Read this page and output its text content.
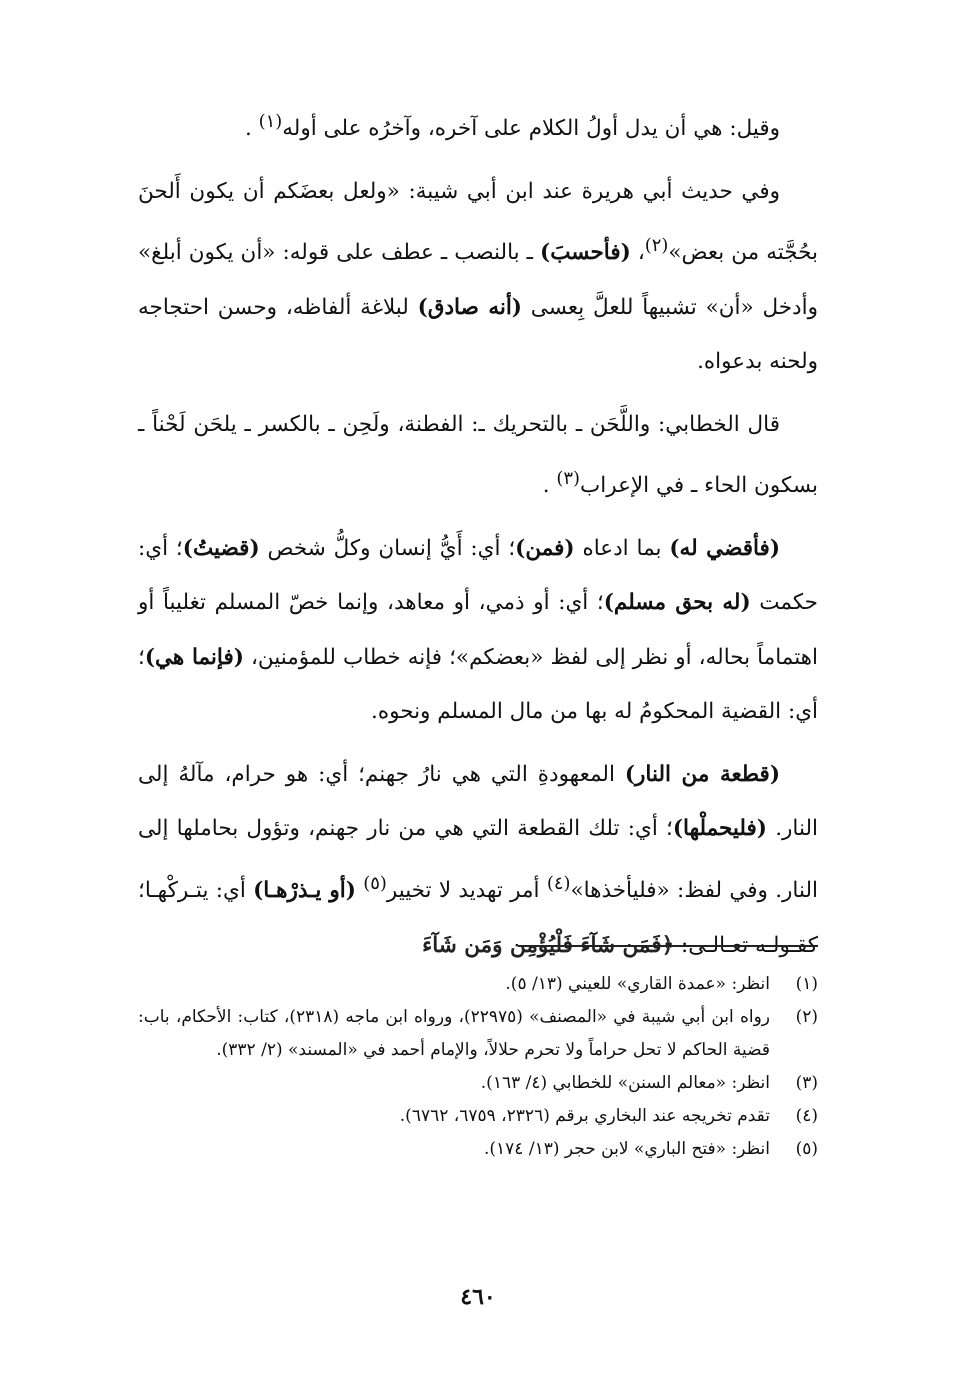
وقيل: هي أن يدل أولُ الكلام على آخره، وآخرُه على أوله$^{(١)}$ .

وفي حديث أبي هريرة عند ابن أبي شيبة: «ولعل بعضَكم أن يكون أَلحنَ بحُجَّته من بعض»$^{(٢)}$، (فأحسبَ) ـ بالنصب ـ عطف على قوله: «أن يكون أبلغ» وأدخل «أن» تشبيهاً للعلَّ بِعسى (أنه صادق) لبلاغة ألفاظه، وحسن احتجاجه ولحنه بدعواه.

قال الخطابي: واللَّحَن ـ بالتحريك ـ: الفطنة، ولَحِن ـ بالكسر ـ يلحَن لَحْناً ـ بسكون الحاء ـ في الإعراب$^{(٣)}$ .

(فأقضي له) بما ادعاه (فمن)؛ أي: أَيُّ إنسان وكلُّ شخص (قضيتُ)؛ أي: حكمت (له بحق مسلم)؛ أي: أو ذمي، أو معاهد، وإنما خصّ المسلم تغليباً أو اهتماماً بحاله، أو نظر إلى لفظ «بعضكم»؛ فإنه خطاب للمؤمنين، (فإنما هي)؛ أي: القضية المحكومُ له بها من مال المسلم ونحوه.

(قطعة من النار) المعهودةِ التي هي نارُ جهنم؛ أي: هو حرام، مآلهُ إلى النار. (فليحملْها)؛ أي: تلك القطعة التي هي من نار جهنم، وتؤول بحاملها إلى النار. وفي لفظ: «فليأخذها»$^{(٤)}$ أمر تهديد لا تخيير$^{(٥)}$ (أو يـذرْهـا) أي: يتـركْهـا؛ كقـولـه تعـالـى: ﴿فَمَن شَآءَ فَلْيُؤْمِن وَمَن شَآءَ

(١)
انظر: «عمدة القاري» للعيني (١٣/ ٥).
(٢)
رواه ابن أبي شيبة في «المصنف» (٢٢٩٧٥)، ورواه ابن ماجه (٢٣١٨)، كتاب: الأحكام، باب: قضية الحاكم لا تحل حراماً ولا تحرم حلالاً، والإمام أحمد في «المسند» (٢/ ٣٣٢).
(٣)
انظر: «معالم السنن» للخطابي (٤/ ١٦٣).
(٤)
تقدم تخريجه عند البخاري برقم (٢٣٢٦، ٦٧٥٩، ٦٧٦٢).
(٥)
انظر: «فتح الباري» لابن حجر (١٣/ ١٧٤).
٤٦٠
